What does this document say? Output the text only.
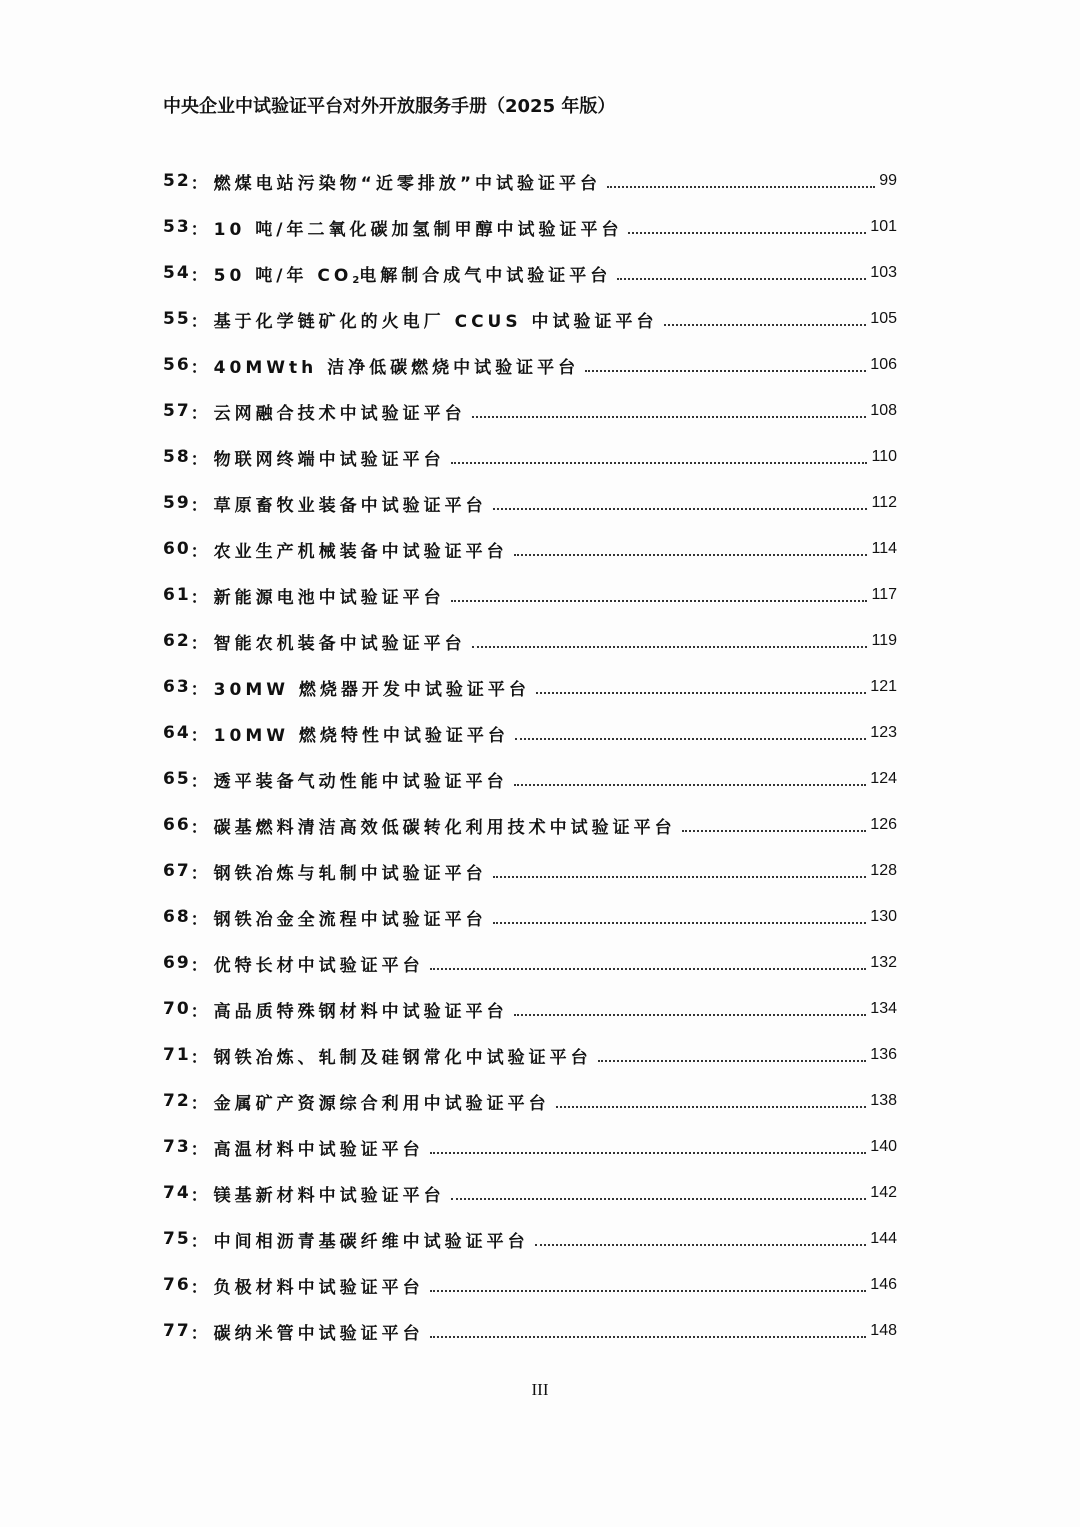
中央企业中试验证平台对外开放服务手册（2025 年版）
52 ： 燃煤电站污染物“近零排放”中试验证平台	99
53 ： 10 吨/年二氧化碳加氢制甲醇中试验证平台	101
54 ： 50 吨/年 $CO_2$电解制合成气中试验证平台	103
55 ： 基于化学链矿化的火电厂 CCUS 中试验证平台	105
56 ： 40MWth 洁净低碳燃烧中试验证平台	106
57 ： 云网融合技术中试验证平台	108
58 ： 物联网终端中试验证平台	110
59 ： 草原畜牧业装备中试验证平台	112
60 ： 农业生产机械装备中试验证平台	114
61 ： 新能源电池中试验证平台	117
62 ： 智能农机装备中试验证平台	119
63 ： 30MW 燃烧器开发中试验证平台	121
64 ： 10MW 燃烧特性中试验证平台	123
65 ： 透平装备气动性能中试验证平台	124
66 ： 碳基燃料清洁高效低碳转化利用技术中试验证平台	126
67 ： 钢铁冶炼与轧制中试验证平台	128
68 ： 钢铁冶金全流程中试验证平台	130
69 ： 优特长材中试验证平台	132
70 ： 高品质特殊钢材料中试验证平台	134
71 ： 钢铁冶炼、轧制及硅钢常化中试验证平台	136
72 ： 金属矿产资源综合利用中试验证平台	138
73 ： 高温材料中试验证平台	140
74 ： 镁基新材料中试验证平台	142
75 ： 中间相沥青基碳纤维中试验证平台	144
76 ： 负极材料中试验证平台	146
77 ： 碳纳米管中试验证平台	148
III
